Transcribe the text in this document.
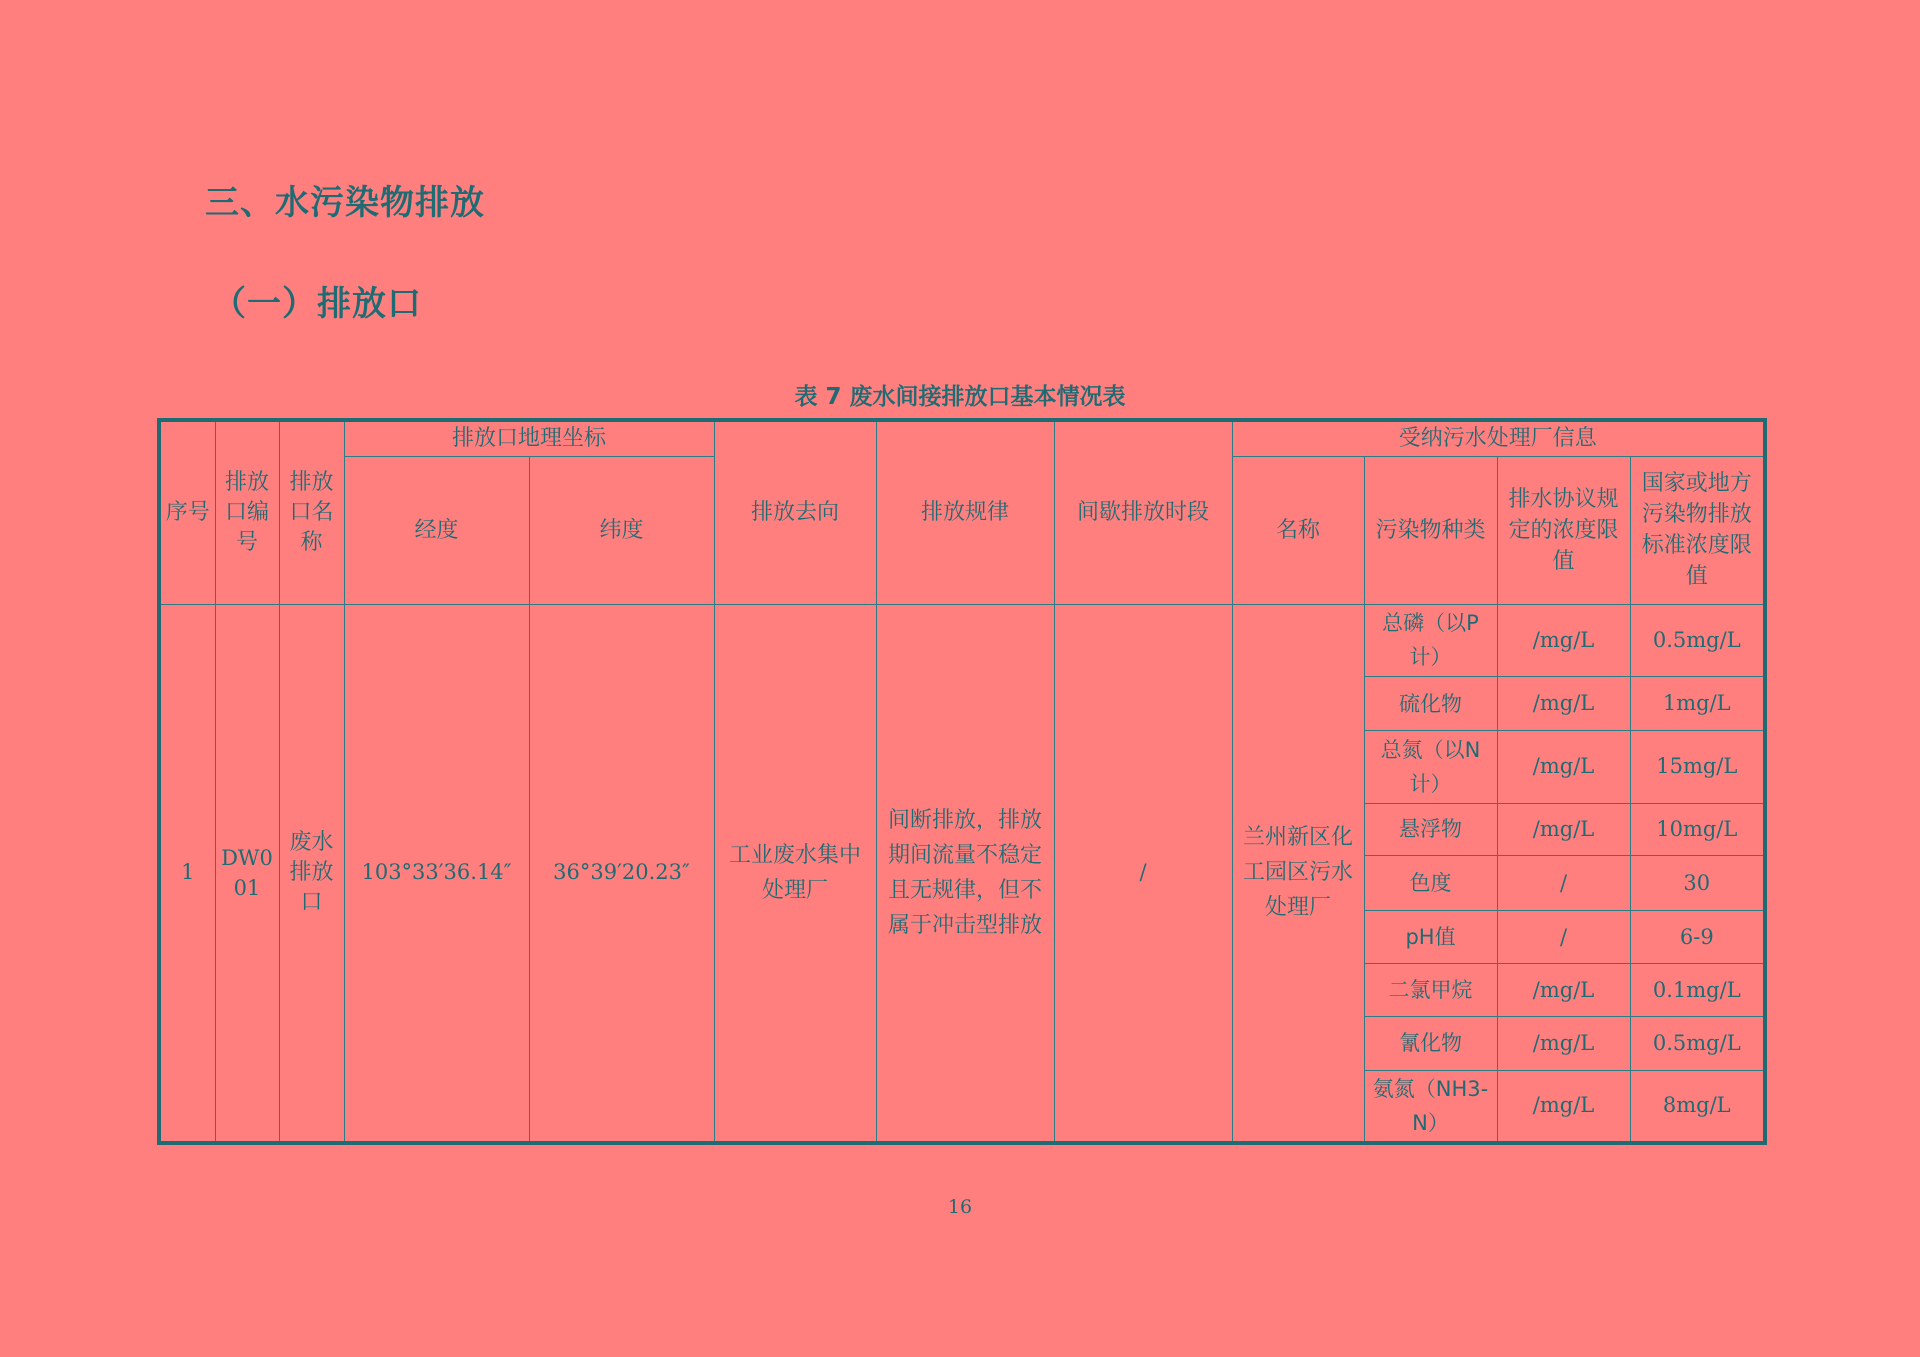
三、水污染物排放
（一）排放口
表 7 废水间接排放口基本情况表
序号	排放口编号	排放口名称	排放口地理坐标		排放去向	排放规律	间歇排放时段	受纳污水处理厂信息			
			经度	纬度				名称	污染物种类	排水协议规定的浓度限值	国家或地方污染物排放标准浓度限值
1	DW001	废水排放口	103°33′36.14″	36°39′20.23″	工业废水集中处理厂	间断排放，排放期间流量不稳定且无规律，但不属于冲击型排放	/	兰州新区化工园区污水处理厂	总磷（以P计）	/mg/L	0.5mg/L
									硫化物	/mg/L	1mg/L
									总氮（以N计）	/mg/L	15mg/L
									悬浮物	/mg/L	10mg/L
									色度	/	30
									pH值	/	6-9
									二氯甲烷	/mg/L	0.1mg/L
									氰化物	/mg/L	0.5mg/L
									氨氮（NH3-N）	/mg/L	8mg/L
16
